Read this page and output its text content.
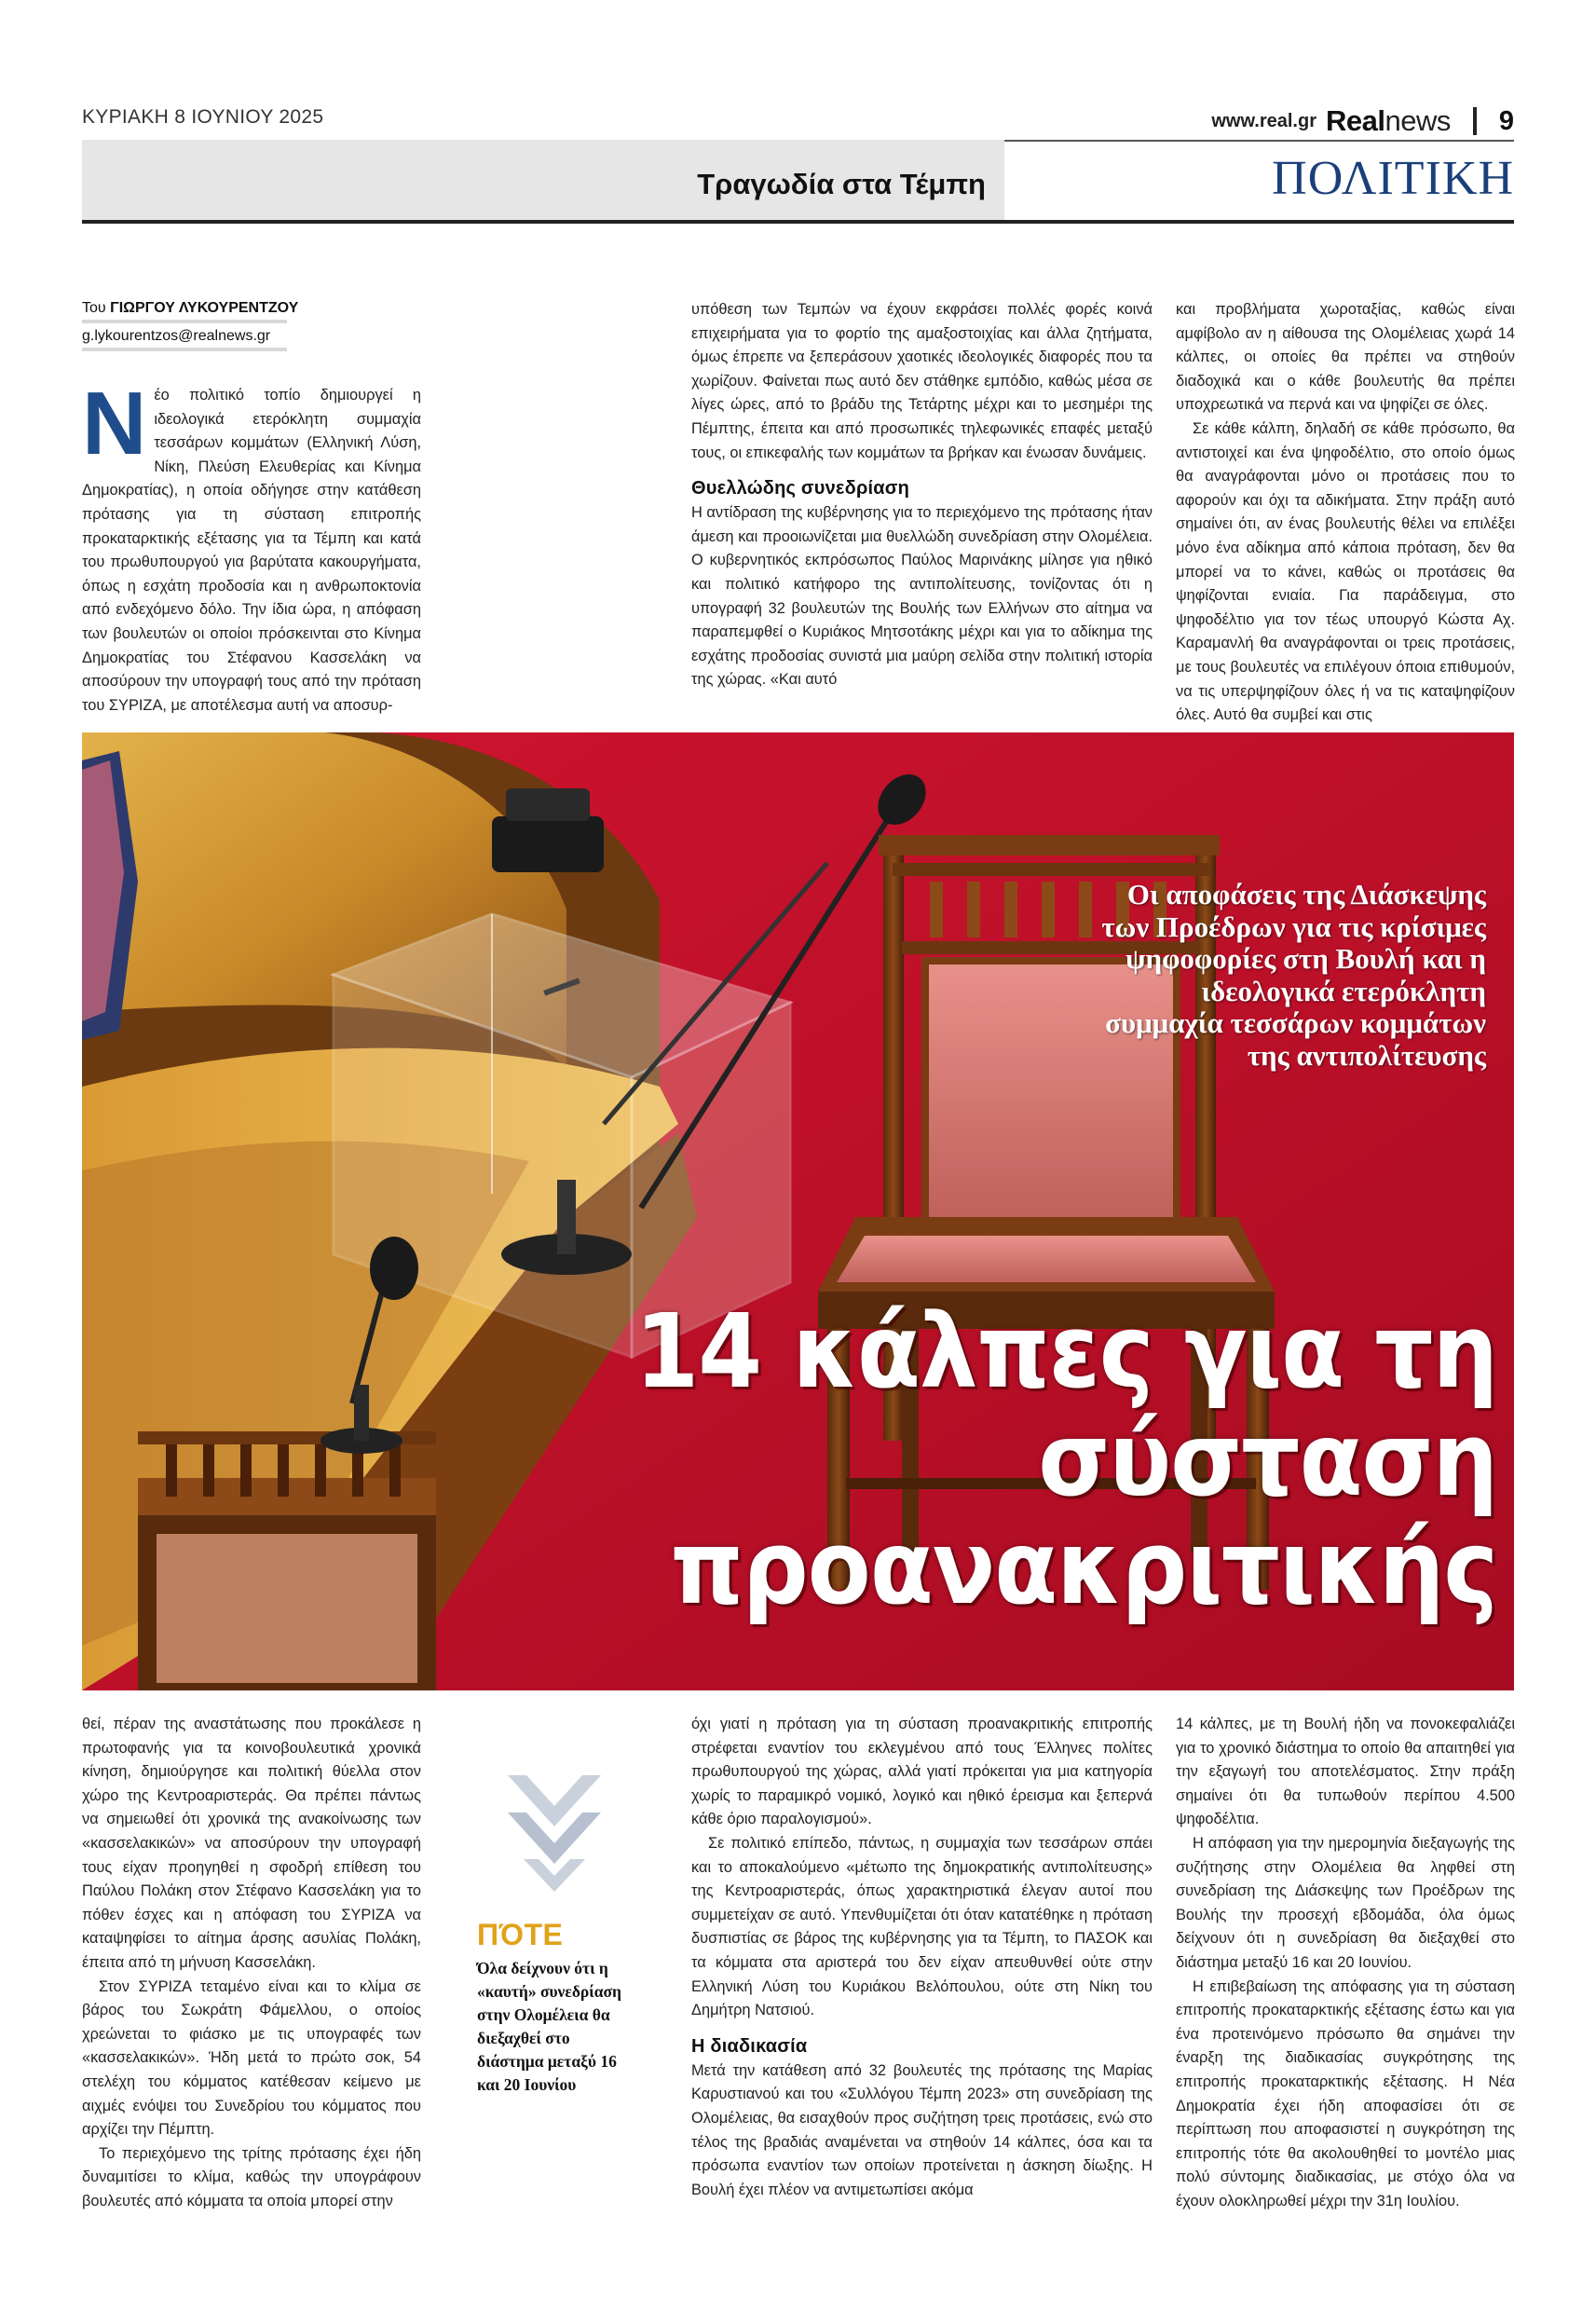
ΚΥΡΙΑΚΗ 8 ΙΟΥΝΙΟΥ 2025	www.real.gr Realnews 9
Τραγωδία στα Τέμπη	ΠΟΛΙΤΙΚΗ
Του ΓΙΩΡΓΟΥ ΛΥΚΟΥΡΕΝΤΖΟΥ
g.lykourentzos@realnews.gr

Νέο πολιτικό τοπίο δημιουργεί η ιδεολογικά ετερόκλητη συμμαχία τεσσάρων κομμάτων (Ελληνική Λύση, Νίκη, Πλεύση Ελευθερίας και Κίνημα Δημοκρατίας), η οποία οδήγησε στην κατάθεση πρότασης για τη σύσταση επιτροπής προκαταρκτικής εξέτασης για τα Τέμπη και κατά του πρωθυπουργού για βαρύτατα κακουργήματα, όπως η εσχάτη προδοσία και η ανθρωποκτονία από ενδεχόμενο δόλο. Την ίδια ώρα, η απόφαση των βουλευτών οι οποίοι πρόσκεινται στο Κίνημα Δημοκρατίας του Στέφανου Κασσελάκη να αποσύρουν την υπογραφή τους από την πρόταση του ΣΥΡΙΖΑ, με αποτέλεσμα αυτή να αποσυρ-

υπόθεση των Τεμπών να έχουν εκφράσει πολλές φορές κοινά επιχειρήματα για το φορτίο της αμαξοστοιχίας και άλλα ζητήματα, όμως έπρεπε να ξεπεράσουν χαοτικές ιδεολογικές διαφορές που τα χωρίζουν. Φαίνεται πως αυτό δεν στάθηκε εμπόδιο, καθώς μέσα σε λίγες ώρες, από το βράδυ της Τετάρτης μέχρι και το μεσημέρι της Πέμπτης, έπειτα και από προσωπικές τηλεφωνικές επαφές μεταξύ τους, οι επικεφαλής των κομμάτων τα βρήκαν και ένωσαν δυνάμεις.

Θυελλώδης συνεδρίαση

Η αντίδραση της κυβέρνησης για το περιεχόμενο της πρότασης ήταν άμεση και προοιωνίζεται μια θυελλώδη συνεδρίαση στην Ολομέλεια. Ο κυβερνητικός εκπρόσωπος Παύλος Μαρινάκης μίλησε για ηθικό και πολιτικό κατήφορο της αντιπολίτευσης, τονίζοντας ότι η υπογραφή 32 βουλευτών της Βουλής των Ελλήνων στο αίτημα να παραπεμφθεί ο Κυριάκος Μητσοτάκης μέχρι και για το αδίκημα της εσχάτης προδοσίας συνιστά μια μαύρη σελίδα στην πολιτική ιστορία της χώρας. «Και αυτό

και προβλήματα χωροταξίας, καθώς είναι αμφίβολο αν η αίθουσα της Ολομέλειας χωρά 14 κάλπες, οι οποίες θα πρέπει να στηθούν διαδοχικά και ο κάθε βουλευτής θα πρέπει υποχρεωτικά να περνά και να ψηφίζει σε όλες.

Σε κάθε κάλπη, δηλαδή σε κάθε πρόσωπο, θα αντιστοιχεί και ένα ψηφοδέλτιο, στο οποίο όμως θα αναγράφονται μόνο οι προτάσεις που το αφορούν και όχι τα αδικήματα. Στην πράξη αυτό σημαίνει ότι, αν ένας βουλευτής θέλει να επιλέξει μόνο ένα αδίκημα από κάποια πρόταση, δεν θα μπορεί να το κάνει, καθώς οι προτάσεις θα ψηφίζονται ενιαία. Για παράδειγμα, στο ψηφοδέλτιο για τον τέως υπουργό Κώστα Αχ. Καραμανλή θα αναγράφονται οι τρεις προτάσεις, με τους βουλευτές να επιλέγουν όποια επιθυμούν, να τις υπερψηφίζουν όλες ή να τις καταψηφίζουν όλες. Αυτό θα συμβεί και στις

Οι αποφάσεις της Διάσκεψης των Προέδρων για τις κρίσιμες ψηφοφορίες στη Βουλή και η ιδεολογικά ετερόκλητη συμμαχία τεσσάρων κομμάτων της αντιπολίτευσης
14 κάλπες για τη σύσταση προανακριτικής

θεί, πέραν της αναστάτωσης που προκάλεσε η πρωτοφανής για τα κοινοβουλευτικά χρονικά κίνηση, δημιούργησε και πολιτική θύελλα στον χώρο της Κεντροαριστεράς. Θα πρέπει πάντως να σημειωθεί ότι χρονικά της ανακοίνωσης των «κασσελακικών» να αποσύρουν την υπογραφή τους είχαν προηγηθεί η σφοδρή επίθεση του Παύλου Πολάκη στον Στέφανο Κασσελάκη για το πόθεν έσχες και η απόφαση του ΣΥΡΙΖΑ να καταψηφίσει το αίτημα άρσης ασυλίας Πολάκη, έπειτα από τη μήνυση Κασσελάκη.

Στον ΣΥΡΙΖΑ τεταμένο είναι και το κλίμα σε βάρος του Σωκράτη Φάμελλου, ο οποίος χρεώνεται το φιάσκο με τις υπογραφές των «κασσελακικών». Ήδη μετά το πρώτο σοκ, 54 στελέχη του κόμματος κατέθεσαν κείμενο με αιχμές ενόψει του Συνεδρίου του κόμματος που αρχίζει την Πέμπτη.

Το περιεχόμενο της τρίτης πρότασης έχει ήδη δυναμιτίσει το κλίμα, καθώς την υπογράφουν βουλευτές από κόμματα τα οποία μπορεί στην

ΠΌΤΕ
Όλα δείχνουν ότι η «καυτή» συνεδρίαση στην Ολομέλεια θα διεξαχθεί στο διάστημα μεταξύ 16 και 20 Ιουνίου

όχι γιατί η πρόταση για τη σύσταση προανακριτικής επιτροπής στρέφεται εναντίον του εκλεγμένου από τους Έλληνες πολίτες πρωθυπουργού της χώρας, αλλά γιατί πρόκειται για μια κατηγορία χωρίς το παραμικρό νομικό, λογικό και ηθικό έρεισμα και ξεπερνά κάθε όριο παραλογισμού».

Σε πολιτικό επίπεδο, πάντως, η συμμαχία των τεσσάρων σπάει και το αποκαλούμενο «μέτωπο της δημοκρατικής αντιπολίτευσης» της Κεντροαριστεράς, όπως χαρακτηριστικά έλεγαν αυτοί που συμμετείχαν σε αυτό. Υπενθυμίζεται ότι όταν κατατέθηκε η πρόταση δυσπιστίας σε βάρος της κυβέρνησης για τα Τέμπη, το ΠΑΣΟΚ και τα κόμματα στα αριστερά του δεν είχαν απευθυνθεί ούτε στην Ελληνική Λύση του Κυριάκου Βελόπουλου, ούτε στη Νίκη του Δημήτρη Νατσιού.

Η διαδικασία

Μετά την κατάθεση από 32 βουλευτές της πρότασης της Μαρίας Καρυστιανού και του «Συλλόγου Τέμπη 2023» στη συνεδρίαση της Ολομέλειας, θα εισαχθούν προς συζήτηση τρεις προτάσεις, ενώ στο τέλος της βραδιάς αναμένεται να στηθούν 14 κάλπες, όσα και τα πρόσωπα εναντίον των οποίων προτείνεται η άσκηση δίωξης. Η Βουλή έχει πλέον να αντιμετωπίσει ακόμα

14 κάλπες, με τη Βουλή ήδη να πονοκεφαλιάζει για το χρονικό διάστημα το οποίο θα απαιτηθεί για την εξαγωγή του αποτελέσματος. Στην πράξη σημαίνει ότι θα τυπωθούν περίπου 4.500 ψηφοδέλτια.

Η απόφαση για την ημερομηνία διεξαγωγής της συζήτησης στην Ολομέλεια θα ληφθεί στη συνεδρίαση της Διάσκεψης των Προέδρων της Βουλής την προσεχή εβδομάδα, όλα όμως δείχνουν ότι η συνεδρίαση θα διεξαχθεί στο διάστημα μεταξύ 16 και 20 Ιουνίου.

Η επιβεβαίωση της απόφασης για τη σύσταση επιτροπής προκαταρκτικής εξέτασης έστω και για ένα προτεινόμενο πρόσωπο θα σημάνει την έναρξη της διαδικασίας συγκρότησης της επιτροπής προκαταρκτικής εξέτασης. Η Νέα Δημοκρατία έχει ήδη αποφασίσει ότι σε περίπτωση που αποφασιστεί η συγκρότηση της επιτροπής τότε θα ακολουθηθεί το μοντέλο μιας πολύ σύντομης διαδικασίας, με στόχο όλα να έχουν ολοκληρωθεί μέχρι την 31η Ιουλίου.
